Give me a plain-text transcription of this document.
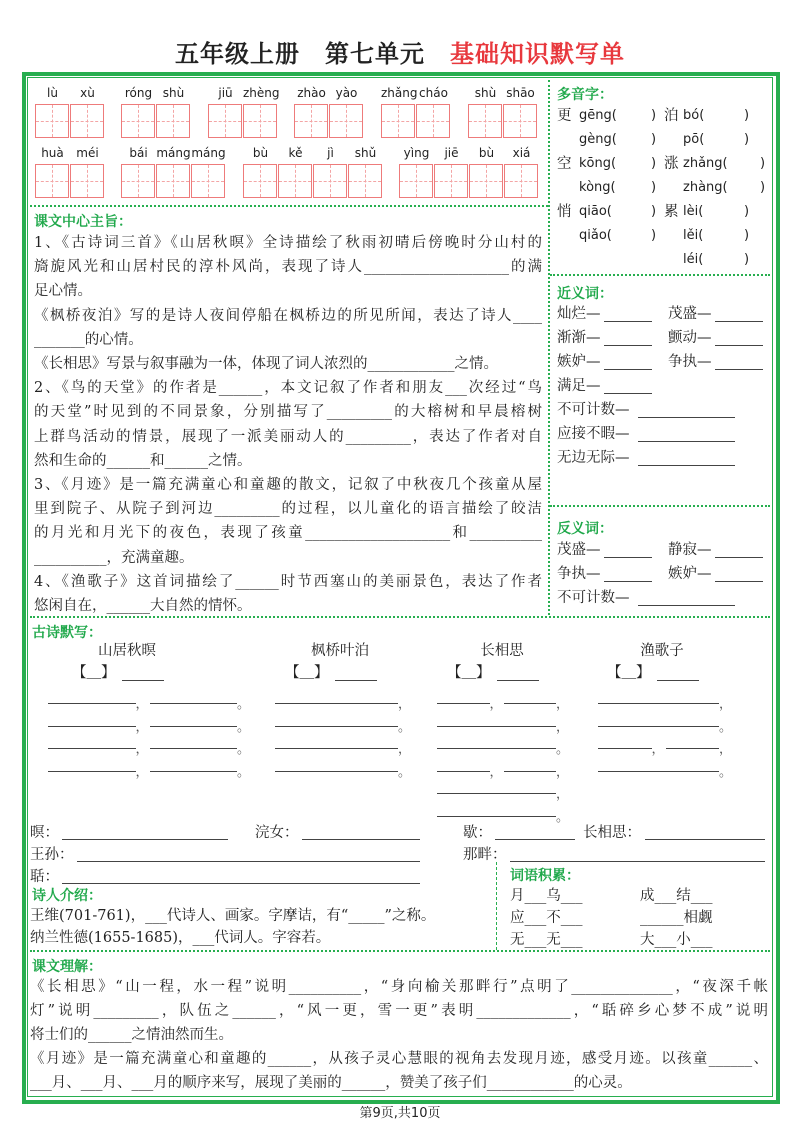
五年级上册　第七单元　基础知识默写单
lù	xù	róng shù	jiū zhèng zhào yào	zhǎng cháo	shù shāo
huà	méi	bái máng máng	bù	kě	jì	shǔ	yìng	jiē	bù	xiá
课文中心主旨：
1、《古诗词三首》《山居秋暝》全诗描绘了秋雨初晴后傍晚时分山村的
旖旎风光和山居村民的淳朴风尚，表现了诗人____________________的满
足心情。
《枫桥夜泊》写的是诗人夜间停船在枫桥边的所见所闻，表达了诗人____
_______的心情。
《长相思》写景与叙事融为一体，体现了词人浓烈的____________之情。
2、《鸟的天堂》的作者是______，本文记叙了作者和朋友___次经过“鸟
的天堂”时见到的不同景象，分别描写了_________的大榕树和早晨榕树
上群鸟活动的情景，展现了一派美丽动人的_________，表达了作者对自
然和生命的______和______之情。
3、《月迹》是一篇充满童心和童趣的散文，记叙了中秋夜几个孩童从屋
里到院子、从院子到河边_________的过程，以儿童化的语言描绘了皎洁
的月光和月光下的夜色，表现了孩童____________________和__________
__________，充满童趣。
4、《渔歌子》这首词描绘了______时节西塞山的美丽景色，表达了作者
悠闲自在，______大自然的情怀。
多音字：
更 gēng(	) 泊 bó(	)
gèng(	) pō(	)
空 kōng(	) 涨 zhǎng( )
kòng(	) zhàng( )
悄 qiāo(	) 累 lèi(	)
qiǎo(	) lěi(	)
léi(	)
近义词：
灿烂—	茂盛—
渐渐—	颤动—
嫉妒—	争执—
满足—
不可计数—
应接不暇—
无边无际—
反义词：
茂盛—	静寂—
争执—	嫉妒—
不可计数—
古诗默写：
山居秋暝
【＿】
，	。
，	。
，	。
，	。
枫桥叶泊
【＿】
，
。
，
。
长相思
【＿】
，	，
，
。
，	，
，
。
渔歌子
【＿】
，
。
，	，
。
暝：	浣女：	歇：	长相思：
王孙：	那畔：
聒：
诗人介绍：
王维(701-761)，___代诗人、画家。字摩诘，有“_____”之称。
纳兰性德(1655-1685)，___代词人。字容若。
词语积累：
月___乌___	成___结___
应___不___	______相觑
无___无___	大___小___
课文理解：
《长相思》“山一程，水一程”说明__________，“身向榆关那畔行”点明了______________，“夜深千帐
灯”说明_________，队伍之______，“风一更，雪一更”表明_____________，“聒碎乡心梦不成”说明
将士们的______之情油然而生。
《月迹》是一篇充满童心和童趣的______，从孩子灵心慧眼的视角去发现月迹，感受月迹。以孩童______、
___月、___月、___月的顺序来写，展现了美丽的______，赞美了孩子们____________的心灵。
第9页,共10页
